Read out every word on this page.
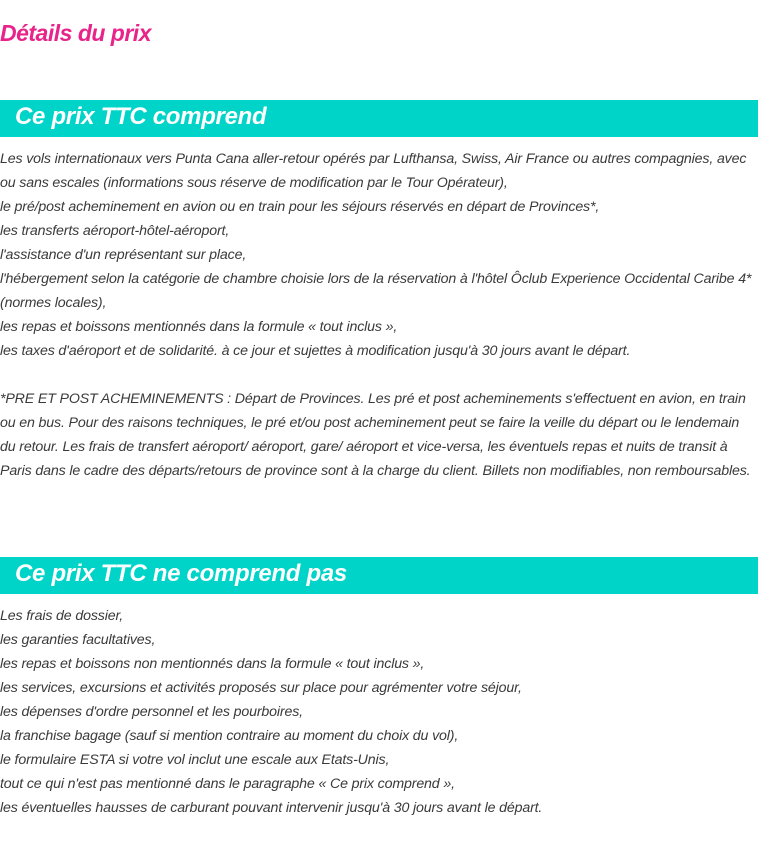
Détails du prix
Ce prix TTC comprend
Les vols internationaux vers Punta Cana aller-retour opérés par Lufthansa, Swiss, Air France ou autres compagnies, avec ou sans escales (informations sous réserve de modification par le Tour Opérateur),
le pré/post acheminement en avion ou en train pour les séjours réservés en départ de Provinces*,
les transferts aéroport-hôtel-aéroport,
l'assistance d'un représentant sur place,
l'hébergement selon la catégorie de chambre choisie lors de la réservation à l'hôtel Ôclub Experience Occidental Caribe 4* (normes locales),
les repas et boissons mentionnés dans la formule « tout inclus »,
les taxes d'aéroport et de solidarité. à ce jour et sujettes à modification jusqu'à 30 jours avant le départ.
*PRE ET POST ACHEMINEMENTS : Départ de Provinces. Les pré et post acheminements s'effectuent en avion, en train ou en bus. Pour des raisons techniques, le pré et/ou post acheminement peut se faire la veille du départ ou le lendemain du retour. Les frais de transfert aéroport/ aéroport, gare/ aéroport et vice-versa, les éventuels repas et nuits de transit à Paris dans le cadre des départs/retours de province sont à la charge du client. Billets non modifiables, non remboursables.
Ce prix TTC ne comprend pas
Les frais de dossier,
les garanties facultatives,
les repas et boissons non mentionnés dans la formule « tout inclus »,
les services, excursions et activités proposés sur place pour agrémenter votre séjour,
les dépenses d'ordre personnel et les pourboires,
la franchise bagage (sauf si mention contraire au moment du choix du vol),
le formulaire ESTA si votre vol inclut une escale aux Etats-Unis,
tout ce qui n'est pas mentionné dans le paragraphe « Ce prix comprend »,
les éventuelles hausses de carburant pouvant intervenir jusqu'à 30 jours avant le départ.
